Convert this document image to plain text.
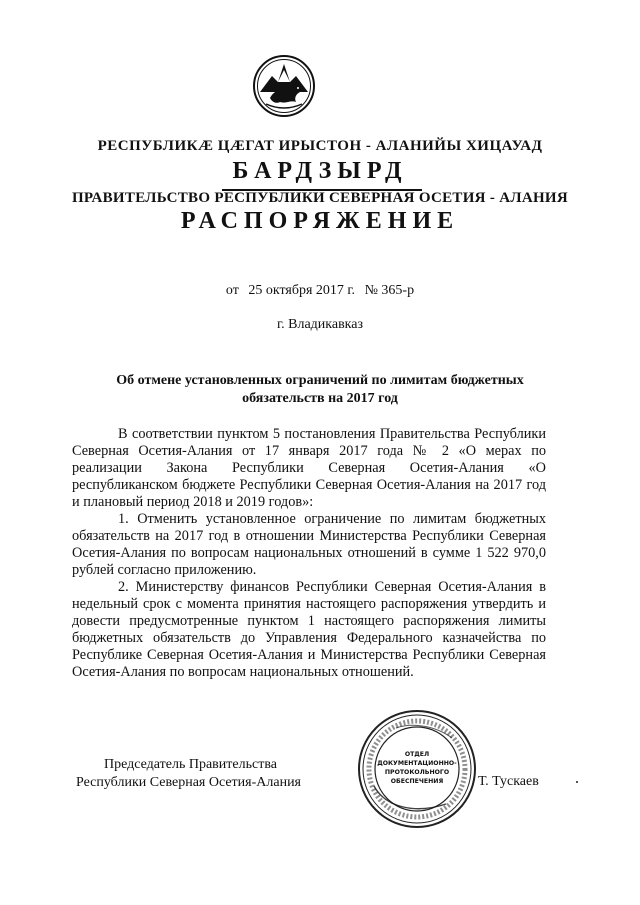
РЕСПУБЛИКӔ ЦӔГАТ ИРЫСТОН - АЛАНИЙЫ ХИЦАУАД
БАРДЗЫРД
ПРАВИТЕЛЬСТВО РЕСПУБЛИКИ СЕВЕРНАЯ ОСЕТИЯ - АЛАНИЯ
РАСПОРЯЖЕНИЕ
от 25 октября 2017 г. № 365-р
г. Владикавказ
Об отмене установленных ограничений по лимитам бюджетных обязательств на 2017 год

В соответствии пунктом 5 постановления Правительства Республики Северная Осетия-Алания от 17 января 2017 года № 2 «О мерах по реализации Закона Республики Северная Осетия-Алания «О республиканском бюджете Республики Северная Осетия-Алания на 2017 год и плановый период 2018 и 2019 годов»:

1. Отменить установленное ограничение по лимитам бюджетных обязательств на 2017 год в отношении Министерства Республики Северная Осетия-Алания по вопросам национальных отношений в сумме 1 522 970,0 рублей согласно приложению.

2. Министерству финансов Республики Северная Осетия-Алания в недельный срок с момента принятия настоящего распоряжения утвердить и довести предусмотренные пунктом 1 настоящего распоряжения лимиты бюджетных обязательств до Управления Федерального казначейства по Республике Северная Осетия-Алания и Министерства Республики Северная Осетия-Алания по вопросам национальных отношений.

Председатель Правительства
Республики Северная Осетия-Алания
ОТДЕЛ
ДОКУМЕНТАЦИОННО-
ПРОТОКОЛЬНОГО
ОБЕСПЕЧЕНИЯ Т. Тускаев
